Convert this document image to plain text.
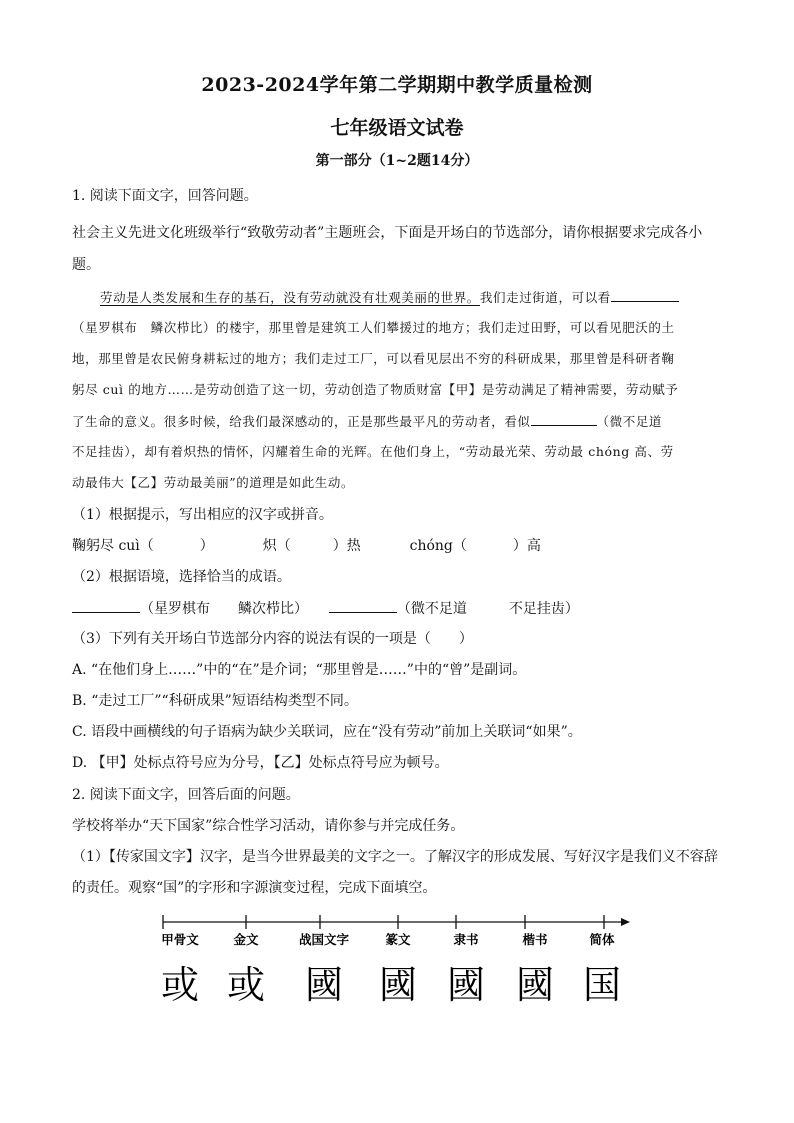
2023-2024学年第二学期期中教学质量检测
七年级语文试卷
第一部分（1~2题14分）
1. 阅读下面文字，回答问题。
社会主义先进文化班级举行“致敬劳动者”主题班会，下面是开场白的节选部分，请你根据要求完成各小
题。
劳动是人类发展和生存的基石，没有劳动就没有壮观美丽的世界。我们走过街道，可以看
（星罗棋布　鳞次栉比）的楼宇，那里曾是建筑工人们攀援过的地方；我们走过田野，可以看见肥沃的土
地，那里曾是农民俯身耕耘过的地方；我们走过工厂，可以看见层出不穷的科研成果，那里曾是科研者鞠
躬尽 cuì 的地方……是劳动创造了这一切，劳动创造了物质财富【甲】是劳动满足了精神需要，劳动赋予
了生命的意义。很多时候，给我们最深感动的，正是那些最平凡的劳动者，看似	（微不足道
不足挂齿），却有着炽热的情怀，闪耀着生命的光辉。在他们身上，“劳动最光荣、劳动最 chóng 高、劳
动最伟大【乙】劳动最美丽”的道理是如此生动。
（1）根据提示，写出相应的汉字或拼音。
鞠躬尽 cuì（	）	炽（	）热	chóng（	）高
（2）根据语境，选择恰当的成语。
（星罗棋布　　鳞次栉比）	（微不足道　　　不足挂齿）
（3）下列有关开场白节选部分内容的说法有误的一项是（　　）
A. “在他们身上……”中的“在”是介词；“那里曾是……”中的“曾”是副词。
B. “走过工厂”“科研成果”短语结构类型不同。
C. 语段中画横线的句子语病为缺少关联词，应在“没有劳动”前加上关联词“如果”。
D. 【甲】处标点符号应为分号，【乙】处标点符号应为顿号。
2. 阅读下面文字，回答后面的问题。
学校将举办“天下国家”综合性学习活动，请你参与并完成任务。
（1）【传家国文字】汉字，是当今世界最美的文字之一。了解汉字的形成发展、写好汉字是我们义不容辞
的责任。观察“国”的字形和字源演变过程，完成下面填空。
甲骨文	金文	战国文字	篆文	隶书	楷书	简体
或 或 國 國 國 國 国
